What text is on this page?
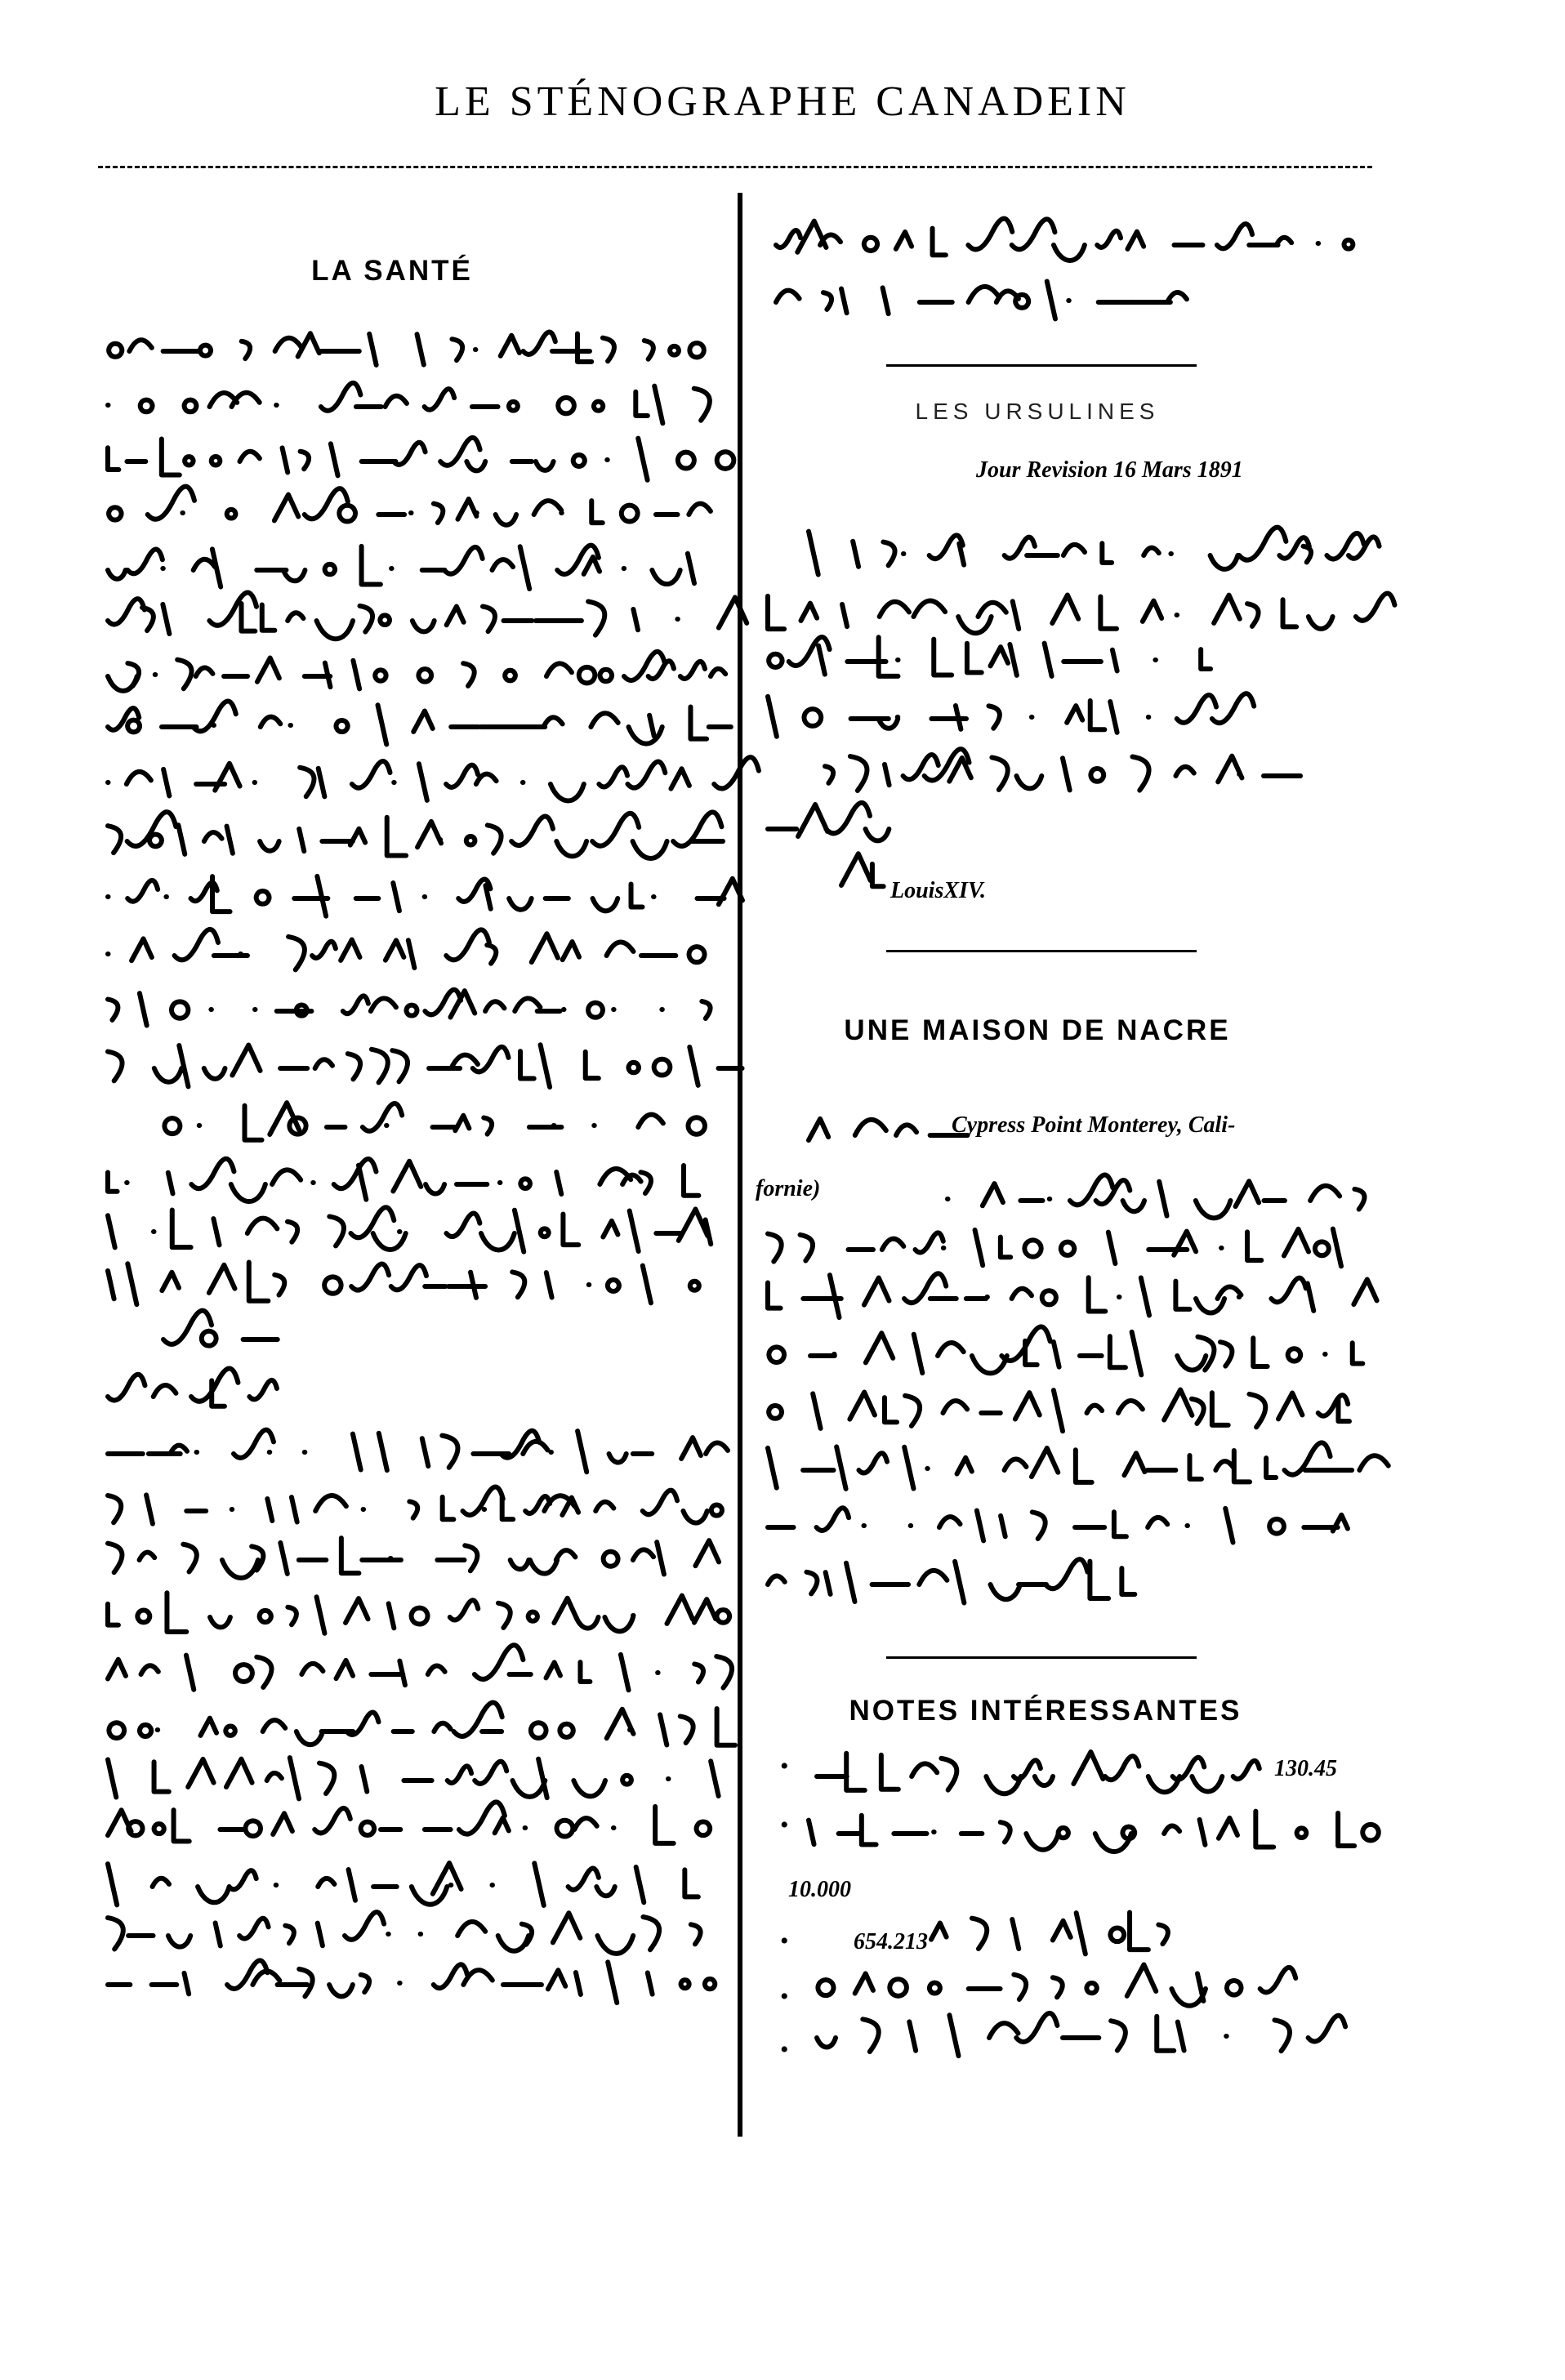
LE STÉNOGRAPHE CANADEIN
LA SANTÉ
LES URSULINES
Jour Revision 16 Mars 1891
LouisXIV.
UNE MAISON DE NACRE
Cypress Point Monterey, Cali-
fornie)
NOTES INTÉRESSANTES
•
•
•
•
•
130.45
10.000
654.213
